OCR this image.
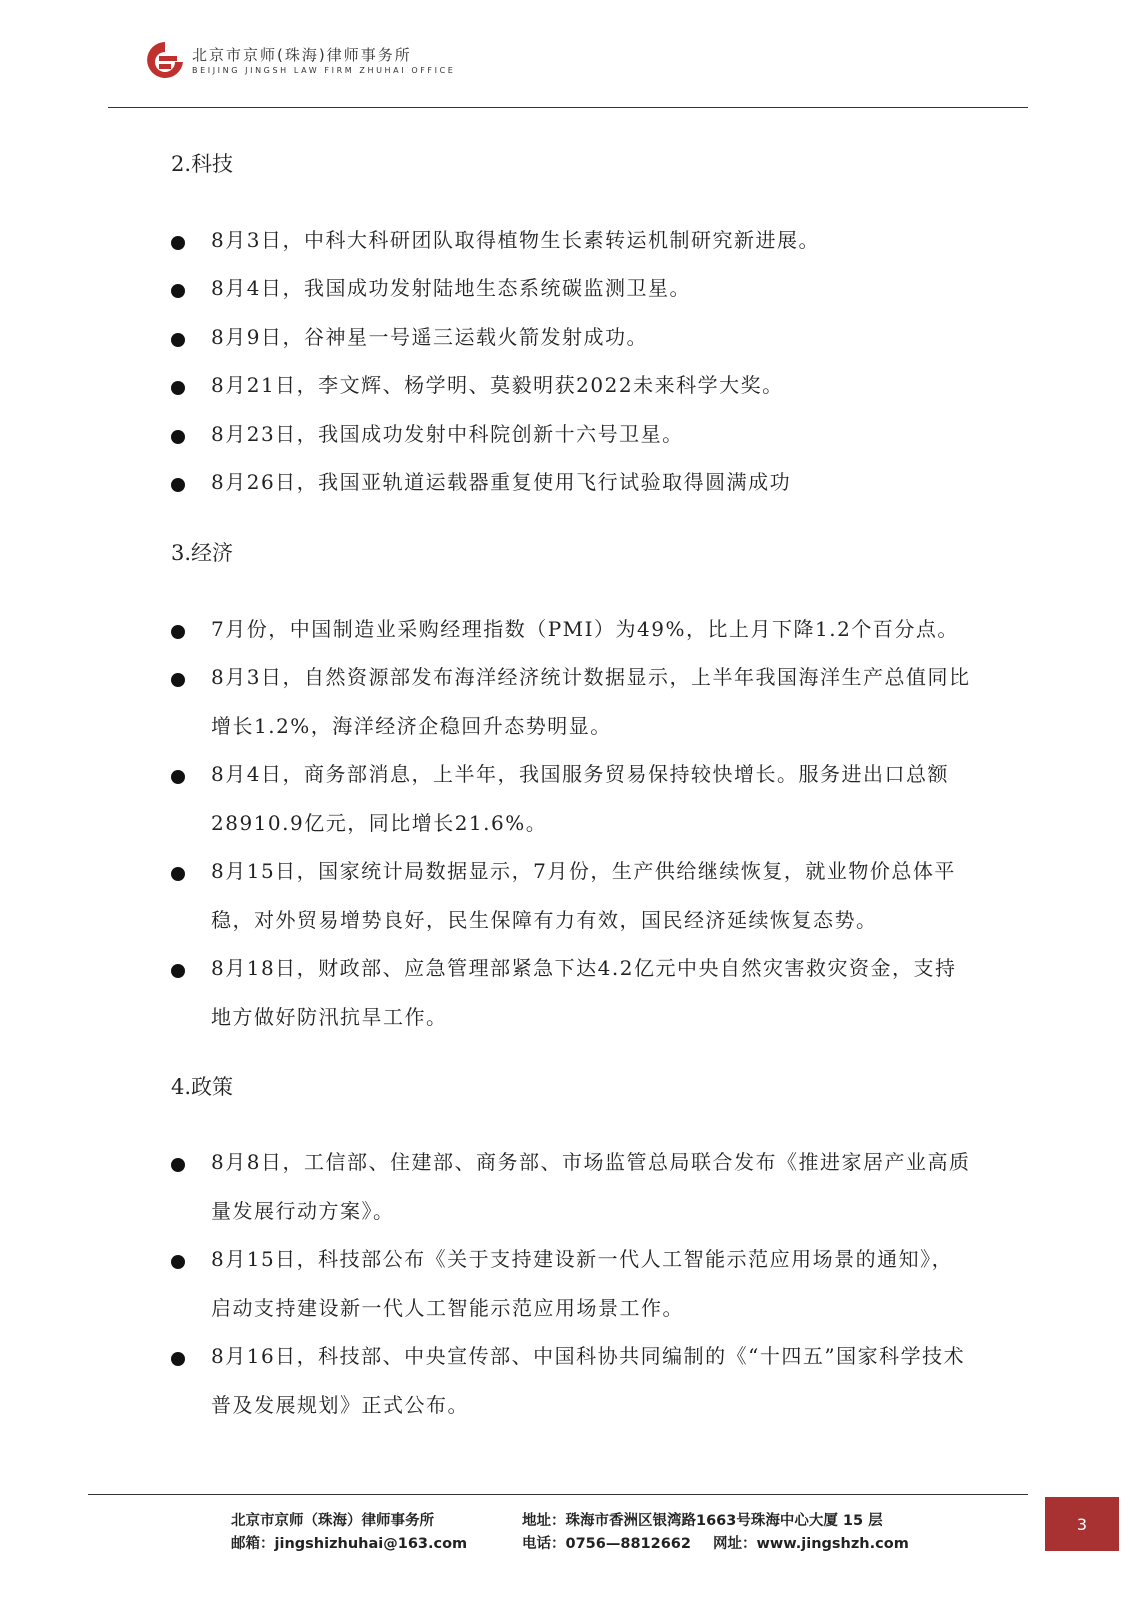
北京市京师(珠海)律师事务所
BEIJING JINGSH LAW FIRM ZHUHAI OFFICE
2.科技
8月3日，中科大科研团队取得植物生长素转运机制研究新进展。
8月4日，我国成功发射陆地生态系统碳监测卫星。
8月9日，谷神星一号遥三运载火箭发射成功。
8月21日，李文辉、杨学明、莫毅明获2022未来科学大奖。
8月23日，我国成功发射中科院创新十六号卫星。
8月26日，我国亚轨道运载器重复使用飞行试验取得圆满成功
3.经济
7月份，中国制造业采购经理指数（PMI）为49%，比上月下降1.2个百分点。
8月3日，自然资源部发布海洋经济统计数据显示，上半年我国海洋生产总值同比增长1.2%，海洋经济企稳回升态势明显。
8月4日，商务部消息，上半年，我国服务贸易保持较快增长。服务进出口总额28910.9亿元，同比增长21.6%。
8月15日，国家统计局数据显示，7月份，生产供给继续恢复，就业物价总体平稳，对外贸易增势良好，民生保障有力有效，国民经济延续恢复态势。
8月18日，财政部、应急管理部紧急下达4.2亿元中央自然灾害救灾资金，支持地方做好防汛抗旱工作。
4.政策
8月8日，工信部、住建部、商务部、市场监管总局联合发布《推进家居产业高质量发展行动方案》。
8月15日，科技部公布《关于支持建设新一代人工智能示范应用场景的通知》，启动支持建设新一代人工智能示范应用场景工作。
8月16日，科技部、中央宣传部、中国科协共同编制的《“十四五”国家科学技术普及发展规划》正式公布。
北京市京师（珠海）律师事务所	地址：珠海市香洲区银湾路1663号珠海中心大厦 15 层
邮箱：jingshizhuhai@163.com	电话：0756—8812662 网址：www.jingshzh.com
3
